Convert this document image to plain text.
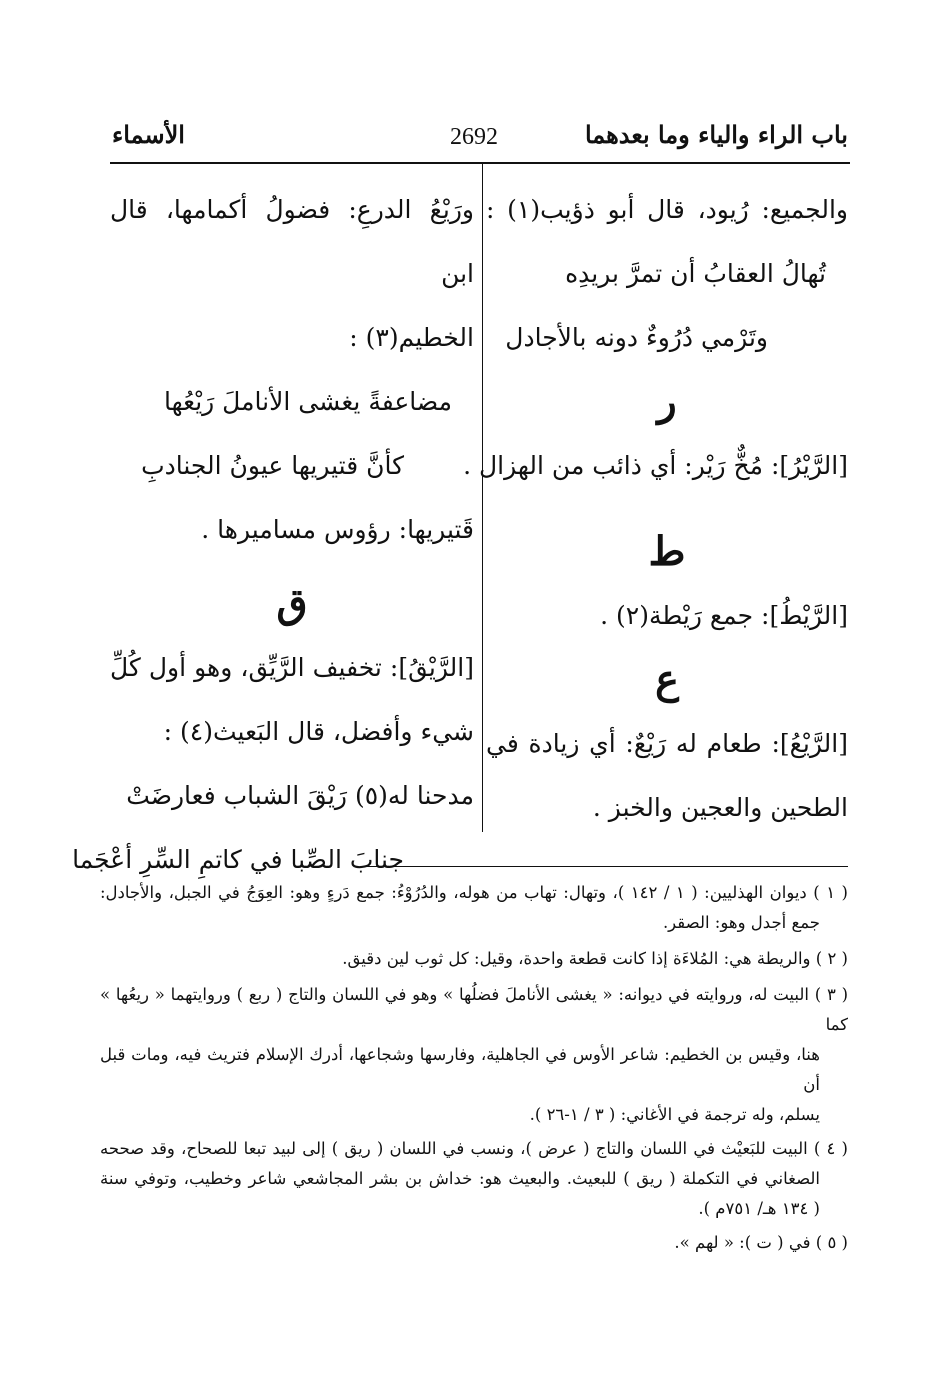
باب الراء والياء وما بعدهما
2692
الأسماء
والجميع: رُيود، قال أبو ذؤيب(١) :
تُهالُ العقابُ أن تمرَّ بريدِه
وتَرْمي دُرُوءٌ دونه بالأجادل
ر
[الرَّيْرُ]: مُخٌّ رَيْر: أي ذائب من الهزال .
ط
[الرَّيْطُ]: جمع رَيْطة(٢) .
ع
[الرَّيْعُ]: طعام له رَيْعٌ: أي زيادة في
الطحين والعجين والخبز .
ورَيْعُ الدرعِ: فضولُ أكمامها، قال ابن
الخطيم(٣) :
مضاعفةً يغشى الأناملَ رَيْعُها
كأنَّ قتيريها عيونُ الجنادبِ
قَتيريها: رؤوس مساميرها .
ق
[الرَّيْقُ]: تخفيف الرَّيِّق، وهو أول كُلِّ
شيء وأفضل، قال البَعيث(٤) :
مدحنا له(٥) رَيْقَ الشباب فعارضَتْ
جنابَ الصِّبا في كاتمِ السِّرِ أعْجَما
( ١ ) ديوان الهذليين: ( ١ / ١٤٢ )، وتهال: تهاب من هوله، والدُرُوْءُ: جمع دَرءٍ وهو: العِوَجُ في الجبل، والأجادل:
جمع أجدل وهو: الصقر.
( ٢ ) والريطة هي: المُلاءَة إذا كانت قطعة واحدة، وقيل: كل ثوب لين دقيق.
( ٣ ) البيت له، وروايته في ديوانه: « يغشى الأناملَ فضلُها » وهو في اللسان والتاج ( ربع ) وروايتهما « ريعُها » كما
هنا، وقيس بن الخطيم: شاعر الأوس في الجاهلية، وفارسها وشجاعها، أدرك الإسلام فتريث فيه، ومات قبل أن
يسلم، وله ترجمة في الأغاني: ( ٣ / ١-٢٦ ).
( ٤ ) البيت للبَعيْث في اللسان والتاج ( عرض )، ونسب في اللسان ( ريق ) إلى لبيد تبعا للصحاح، وقد صححه
الصغاني في التكملة ( ريق ) للبعيث. والبعيث هو: خداش بن بشر المجاشعي شاعر وخطيب، وتوفي سنة
( ١٣٤ هـ/ ٧٥١م ).
( ٥ ) في ( ت ): « لهم ».
